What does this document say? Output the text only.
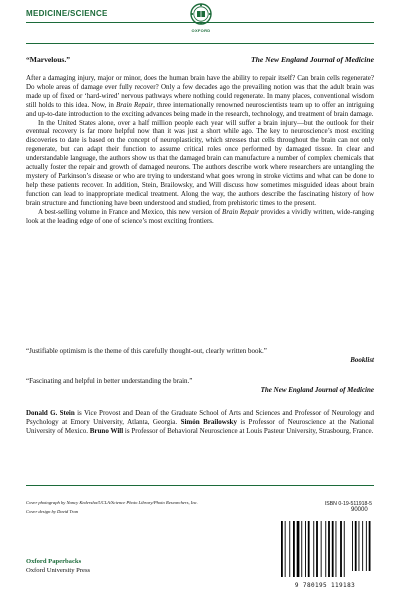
MEDICINE/SCIENCE
OXFORD
“Marvelous.”	The New England Journal of Medicine

After a damaging injury, major or minor, does the human brain have the ability to repair itself? Can brain cells regenerate? Do whole areas of damage ever fully recover? Only a few decades ago the prevailing notion was that the adult brain was made up of fixed or ‘hard-wired’ nervous pathways where nothing could regenerate. In many places, conventional wisdom still holds to this idea. Now, in Brain Repair, three internationally renowned neuroscientists team up to offer an intriguing and up-to-date introduction to the exciting advances being made in the research, technology, and treatment of brain damage.

In the United States alone, over a half million people each year will suffer a brain injury—but the outlook for their eventual recovery is far more helpful now than it was just a short while ago. The key to neuroscience’s most exciting discoveries to date is based on the concept of neuroplasticity, which stresses that cells throughout the brain can not only regenerate, but can adapt their function to assume critical roles once performed by damaged tissue. In clear and understandable language, the authors show us that the damaged brain can manufacture a number of complex chemicals that actually foster the repair and growth of damaged neurons. The authors describe work where researchers are untangling the mystery of Parkinson’s disease or who are trying to understand what goes wrong in stroke victims and what can be done to help these patients recover. In addition, Stein, Brailowsky, and Will discuss how sometimes misguided ideas about brain function can lead to inappropriate medical treatment. Along the way, the authors describe the fascinating history of how brain structure and functioning have been understood and studied, from prehistoric times to the present.

A best-selling volume in France and Mexico, this new version of Brain Repair provides a vividly written, wide-ranging look at the leading edge of one of science’s most exciting frontiers.

“Justifiable optimism is the theme of this carefully thought-out, clearly written book.”
Booklist
“Fascinating and helpful in better understanding the brain.”
The New England Journal of Medicine
Donald G. Stein is Vice Provost and Dean of the Graduate School of Arts and Sciences and Professor of Neurology and Psychology at Emory University, Atlanta, Georgia. Simón Brailowsky is Professor of Neuroscience at the National University of Mexico. Bruno Will is Professor of Behavioral Neuroscience at Louis Pasteur University, Strasbourg, France.
Cover photograph by Nancy Kedersha/UCLA/Science Photo Library/Photo Researchers, Inc.
Cover design by David Tran
Oxford Paperbacks
Oxford University Press
ISBN 0-19-511918-5
90000
9 780195 119183
